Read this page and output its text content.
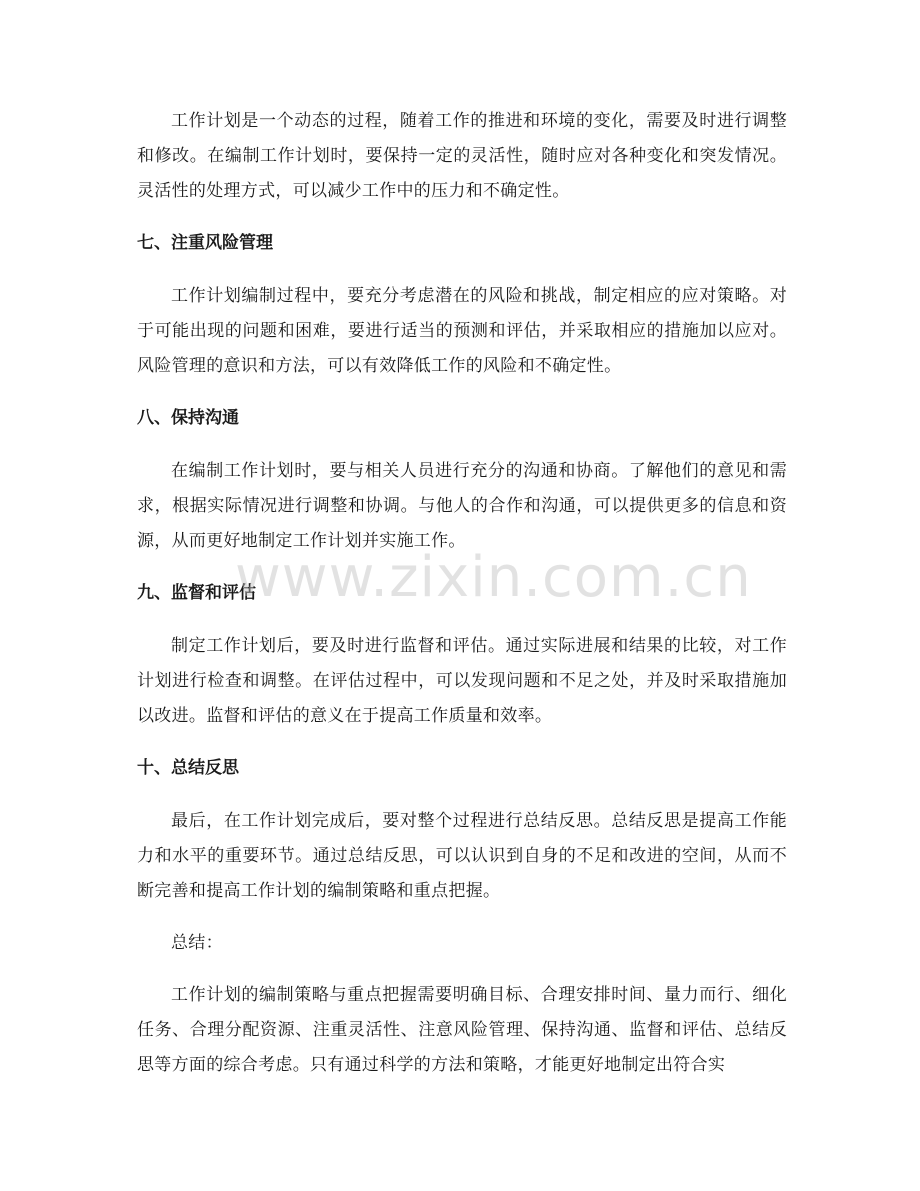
工作计划是一个动态的过程，随着工作的推进和环境的变化，需要及时进行调整和修改。在编制工作计划时，要保持一定的灵活性，随时应对各种变化和突发情况。灵活性的处理方式，可以减少工作中的压力和不确定性。

七、注重风险管理

工作计划编制过程中，要充分考虑潜在的风险和挑战，制定相应的应对策略。对于可能出现的问题和困难，要进行适当的预测和评估，并采取相应的措施加以应对。风险管理的意识和方法，可以有效降低工作的风险和不确定性。

八、保持沟通

在编制工作计划时，要与相关人员进行充分的沟通和协商。了解他们的意见和需求，根据实际情况进行调整和协调。与他人的合作和沟通，可以提供更多的信息和资源，从而更好地制定工作计划并实施工作。

九、监督和评估

制定工作计划后，要及时进行监督和评估。通过实际进展和结果的比较，对工作计划进行检查和调整。在评估过程中，可以发现问题和不足之处，并及时采取措施加以改进。监督和评估的意义在于提高工作质量和效率。

十、总结反思

最后，在工作计划完成后，要对整个过程进行总结反思。总结反思是提高工作能力和水平的重要环节。通过总结反思，可以认识到自身的不足和改进的空间，从而不断完善和提高工作计划的编制策略和重点把握。

总结：

工作计划的编制策略与重点把握需要明确目标、合理安排时间、量力而行、细化任务、合理分配资源、注重灵活性、注意风险管理、保持沟通、监督和评估、总结反思等方面的综合考虑。只有通过科学的方法和策略，才能更好地制定出符合实

www.zixin.com.cn
